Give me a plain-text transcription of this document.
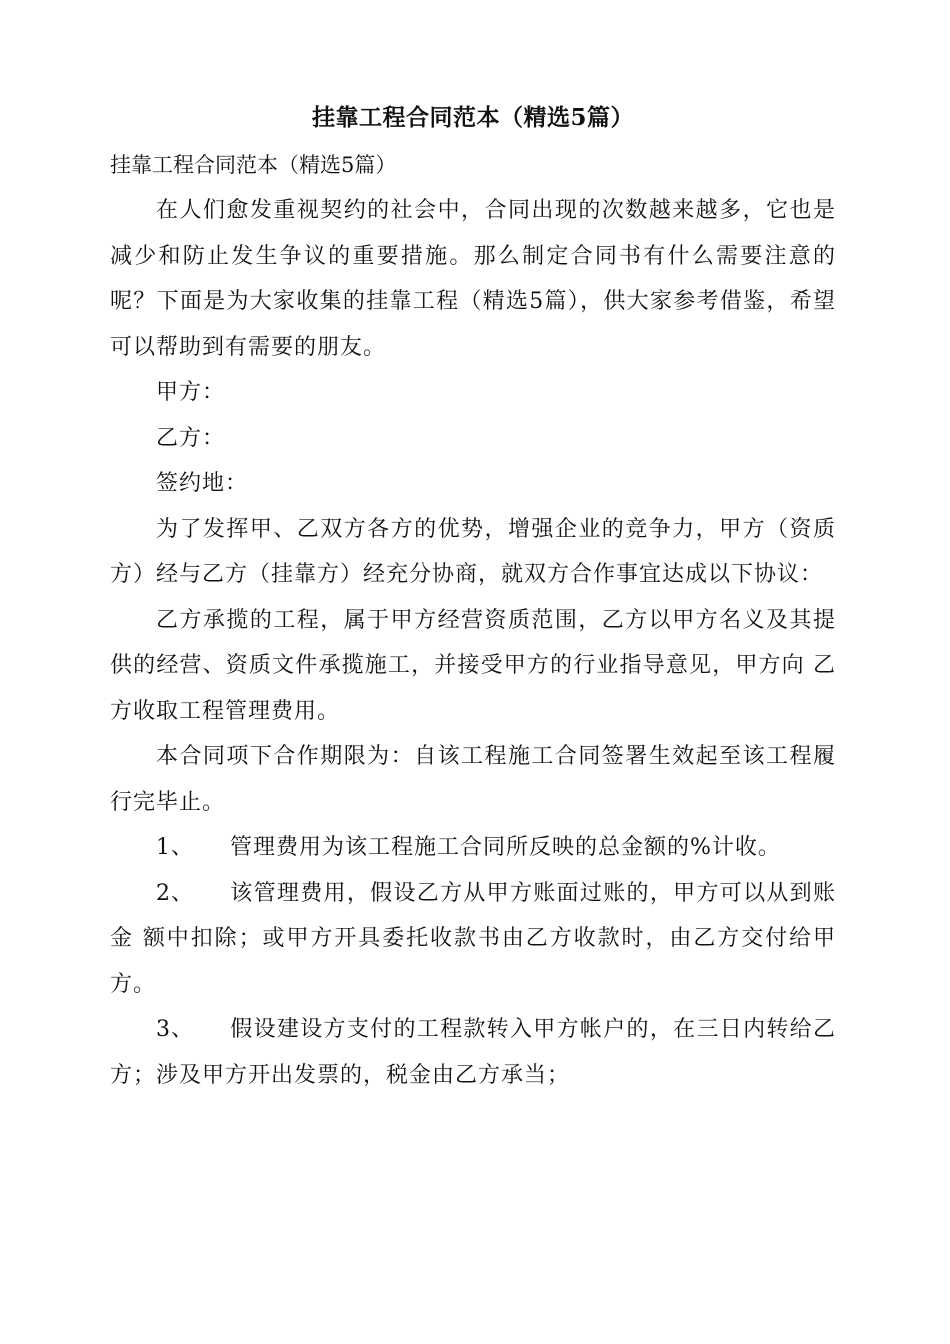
挂靠工程合同范本（精选5篇）

挂靠工程合同范本（精选5篇）

在人们愈发重视契约的社会中，合同出现的次数越来越多，它也是减少和防止发生争议的重要措施。那么制定合同书有什么需要注意的呢？下面是为大家收集的挂靠工程（精选5篇），供大家参考借鉴，希望可以帮助到有需要的朋友。

甲方：

乙方：

签约地：

为了发挥甲、乙双方各方的优势，增强企业的竞争力，甲方（资质方）经与乙方（挂靠方）经充分协商，就双方合作事宜达成以下协议：

乙方承揽的工程，属于甲方经营资质范围，乙方以甲方名义及其提 供的经营、资质文件承揽施工，并接受甲方的行业指导意见，甲方向 乙方收取工程管理费用。

本合同项下合作期限为：自该工程施工合同签署生效起至该工程履行完毕止。

1、 管理费用为该工程施工合同所反映的总金额的%计收。

2、 该管理费用，假设乙方从甲方账面过账的，甲方可以从到账金 额中扣除；或甲方开具委托收款书由乙方收款时，由乙方交付给甲 方。

3、 假设建设方支付的工程款转入甲方帐户的，在三日内转给乙 方；涉及甲方开出发票的，税金由乙方承当；
